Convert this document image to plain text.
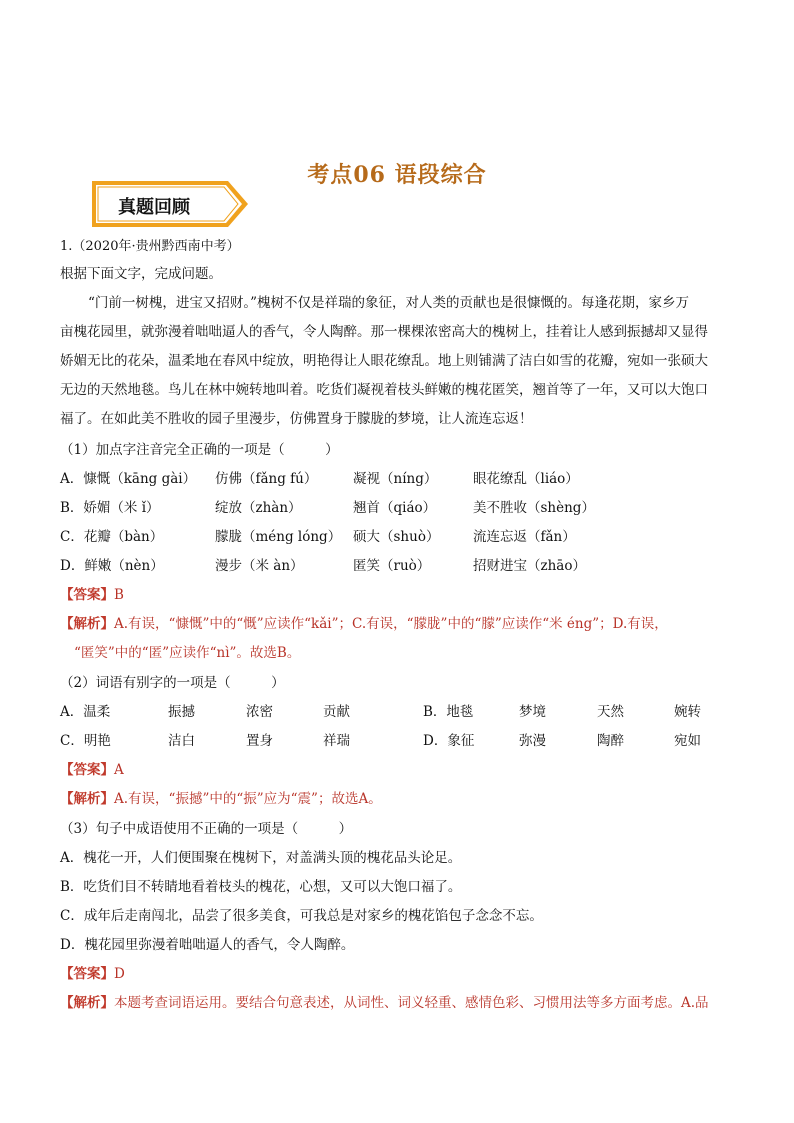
考点06 语段综合
真题回顾
1.（2020年·贵州黔西南中考）
根据下面文字，完成问题。
“门前一树槐，进宝又招财。”槐树不仅是祥瑞的象征，对人类的贡献也是很慷慨的。每逢花期，家乡万
亩槐花园里，就弥漫着咄咄逼人的香气，令人陶醉。那一棵棵浓密高大的槐树上，挂着让人感到振撼却又显得
娇媚无比的花朵，温柔地在春风中绽放，明艳得让人眼花缭乱。地上则铺满了洁白如雪的花瓣，宛如一张硕大
无边的天然地毯。鸟儿在林中婉转地叫着。吃货们凝视着枝头鲜嫩的槐花匿笑，翘首等了一年，又可以大饱口
福了。在如此美不胜收的园子里漫步，仿佛置身于朦胧的梦境，让人流连忘返！
（1）加点字注音完全正确的一项是（　　　）
A．慷慨（kāng gài） 仿佛（fǎng fú）	凝视（níng）	眼花缭乱（liáo）
B．娇媚（米 ǐ）	绽放（zhàn）	翘首（qiáo）	美不胜收（shèng）
C．花瓣（bàn）	朦胧（méng lóng） 硕大（shuò） 流连忘返（fǎn）
D．鲜嫩（nèn）	漫步（米 àn）	匿笑（ruò）	招财进宝（zhāo）
【答案】B
【解析】A.有误，“慷慨”中的“慨”应读作“kǎi”；C.有误，“朦胧”中的“朦”应读作“米 éng”；D.有误，
“匿笑”中的“匿”应读作“nì”。故选B。
（2）词语有别字的一项是（　　　）
A．温柔	振撼	浓密	贡献	B．地毯	梦境	天然	婉转
C．明艳	洁白	置身	祥瑞	D．象征	弥漫	陶醉	宛如
【答案】A
【解析】A.有误，“振撼”中的“振”应为“震”；故选A。
（3）句子中成语使用不正确的一项是（　　　）
A．槐花一开，人们便围聚在槐树下，对盖满头顶的槐花品头论足。
B．吃货们目不转睛地看着枝头的槐花，心想，又可以大饱口福了。
C．成年后走南闯北，品尝了很多美食，可我总是对家乡的槐花馅包子念念不忘。
D．槐花园里弥漫着咄咄逼人的香气，令人陶醉。
【答案】D
【解析】本题考查词语运用。要结合句意表述，从词性、词义轻重、感情色彩、习惯用法等多方面考虑。A.品
